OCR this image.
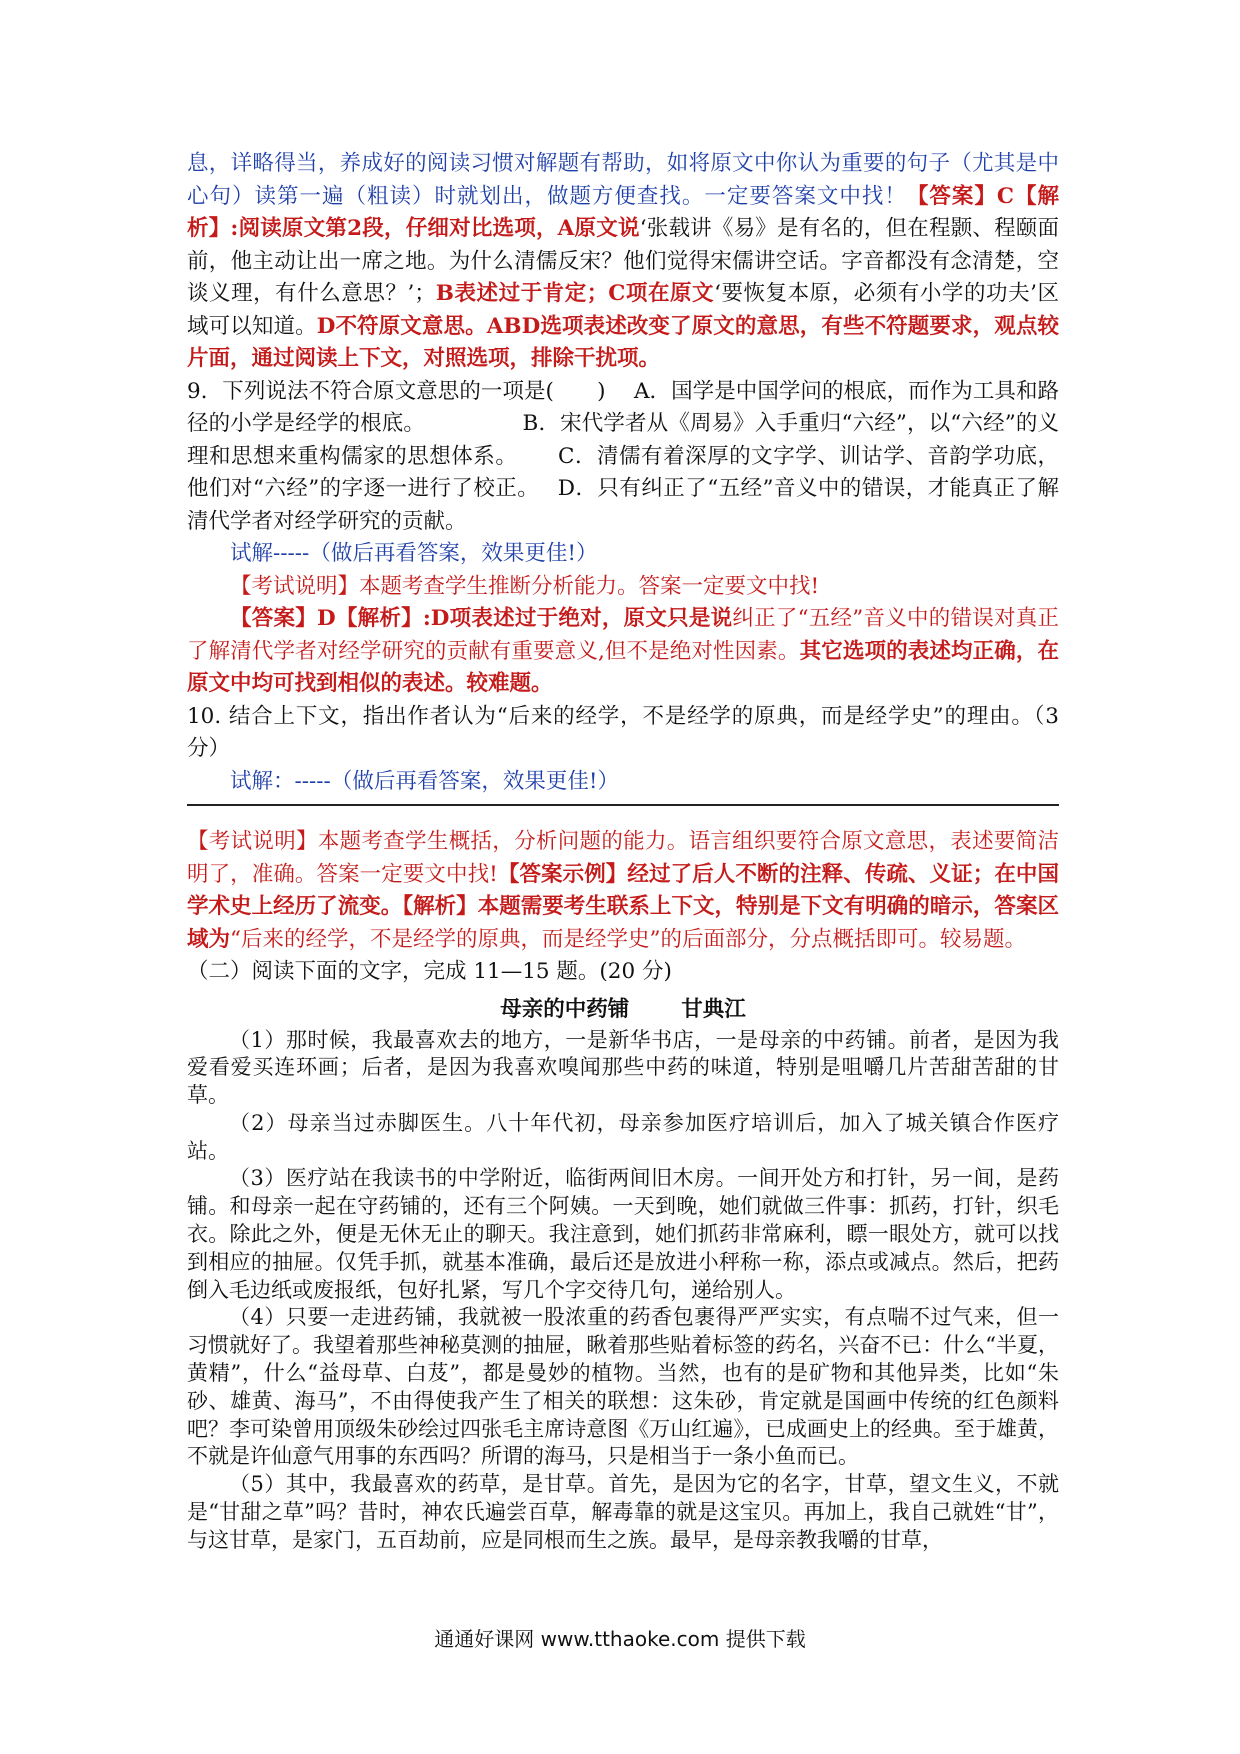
息，详略得当，养成好的阅读习惯对解题有帮助，如将原文中你认为重要的句子（尤其是中心句）读第一遍（粗读）时就划出，做题方便查找。一定要答案文中找！【答案】C【解析】:阅读原文第2段，仔细对比选项，A原文说‘张载讲《易》是有名的，但在程颢、程颐面前，他主动让出一席之地。为什么清儒反宋？他们觉得宋儒讲空话。字音都没有念清楚，空谈义理，有什么意思？’；B表述过于肯定；C项在原文‘要恢复本原，必须有小学的功夫’区域可以知道。D不符原文意思。ABD选项表述改变了原文的意思，有些不符题要求，观点较片面，通过阅读上下文，对照选项，排除干扰项。

9．下列说法不符合原文意思的一项是(　　)　 A．国学是中国学问的根底，而作为工具和路径的小学是经学的根底。　　　　　B．宋代学者从《周易》入手重归“六经”，以“六经”的义理和思想来重构儒家的思想体系。　　 C．清儒有着深厚的文字学、训诂学、音韵学功底，他们对“六经”的字逐一进行了校正。　 D．只有纠正了“五经”音义中的错误，才能真正了解清代学者对经学研究的贡献。

试解-----（做后再看答案，效果更佳!）

【考试说明】本题考查学生推断分析能力。答案一定要文中找!

【答案】D【解析】:D项表述过于绝对，原文只是说纠正了“五经”音义中的错误对真正了解清代学者对经学研究的贡献有重要意义,但不是绝对性因素。其它选项的表述均正确，在原文中均可找到相似的表述。较难题。

10. 结合上下文，指出作者认为“后来的经学，不是经学的原典，而是经学史”的理由。（3分）

试解：-----（做后再看答案，效果更佳!）

【考试说明】本题考查学生概括，分析问题的能力。语言组织要符合原文意思，表述要简洁明了，准确。答案一定要文中找!【答案示例】经过了后人不断的注释、传疏、义证；在中国学术史上经历了流变。【解析】本题需要考生联系上下文，特别是下文有明确的暗示，答案区域为“后来的经学，不是经学的原典，而是经学史”的后面部分，分点概括即可。较易题。

（二）阅读下面的文字，完成 11—15 题。(20 分)

母亲的中药铺 甘典江

（1）那时候，我最喜欢去的地方，一是新华书店，一是母亲的中药铺。前者，是因为我爱看爱买连环画；后者，是因为我喜欢嗅闻那些中药的味道，特别是咀嚼几片苦甜苦甜的甘草。

（2）母亲当过赤脚医生。八十年代初，母亲参加医疗培训后，加入了城关镇合作医疗站。

（3）医疗站在我读书的中学附近，临街两间旧木房。一间开处方和打针，另一间，是药铺。和母亲一起在守药铺的，还有三个阿姨。一天到晚，她们就做三件事：抓药，打针，织毛衣。除此之外，便是无休无止的聊天。我注意到，她们抓药非常麻利，瞟一眼处方，就可以找到相应的抽屉。仅凭手抓，就基本准确，最后还是放进小秤称一称，添点或减点。然后，把药倒入毛边纸或废报纸，包好扎紧，写几个字交待几句，递给别人。

（4）只要一走进药铺，我就被一股浓重的药香包裹得严严实实，有点喘不过气来，但一习惯就好了。我望着那些神秘莫测的抽屉，瞅着那些贴着标签的药名，兴奋不已：什么“半夏，黄精”，什么“益母草、白芨”，都是曼妙的植物。当然，也有的是矿物和其他异类，比如“朱砂、雄黄、海马”，不由得使我产生了相关的联想：这朱砂，肯定就是国画中传统的红色颜料吧？李可染曾用顶级朱砂绘过四张毛主席诗意图《万山红遍》，已成画史上的经典。至于雄黄，不就是许仙意气用事的东西吗？所谓的海马，只是相当于一条小鱼而已。

（5）其中，我最喜欢的药草，是甘草。首先，是因为它的名字，甘草，望文生义，不就是“甘甜之草”吗？昔时，神农氏遍尝百草，解毒靠的就是这宝贝。再加上，我自己就姓“甘”，与这甘草，是家门，五百劫前，应是同根而生之族。最早，是母亲教我嚼的甘草，

通通好课网 www.tthaoke.com 提供下载
